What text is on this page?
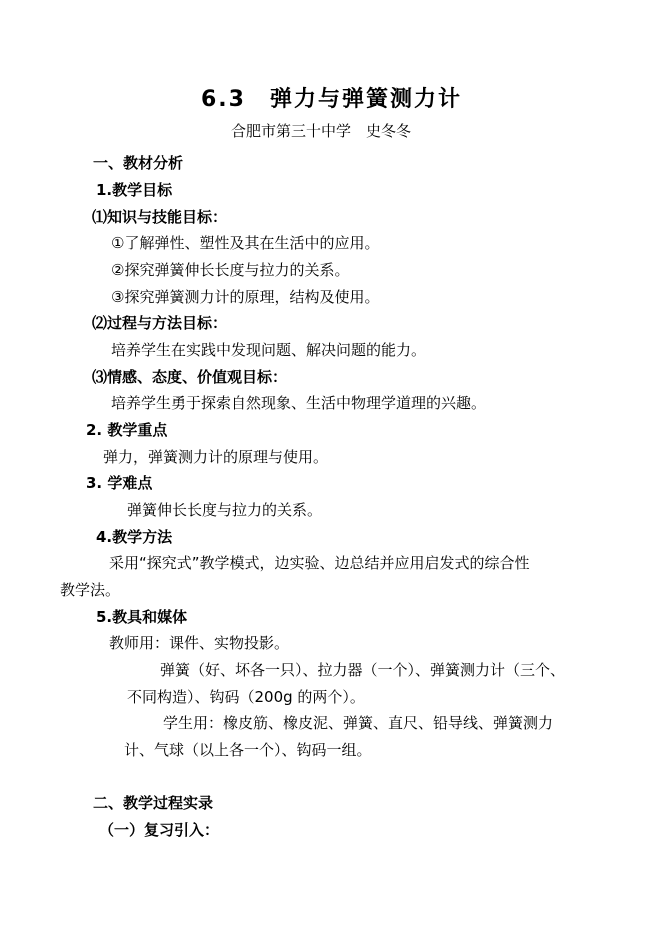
6.3　弹力与弹簧测力计
合肥市第三十中学　史冬冬
一、教材分析
1.教学目标
⑴知识与技能目标：
①了解弹性、塑性及其在生活中的应用。
②探究弹簧伸长长度与拉力的关系。
③探究弹簧测力计的原理，结构及使用。
⑵过程与方法目标：
培养学生在实践中发现问题、解决问题的能力。
⑶情感、态度、价值观目标：
培养学生勇于探索自然现象、生活中物理学道理的兴趣。
2. 教学重点
弹力，弹簧测力计的原理与使用。
3. 学难点
弹簧伸长长度与拉力的关系。
4.教学方法
采用“探究式”教学模式，边实验、边总结并应用启发式的综合性
教学法。
5.教具和媒体
教师用：课件、实物投影。
弹簧（好、坏各一只）、拉力器（一个）、弹簧测力计（三个、
不同构造）、钩码（200g 的两个）。
学生用：橡皮筋、橡皮泥、弹簧、直尺、铅导线、弹簧测力
计、气球（以上各一个）、钩码一组。
二、教学过程实录
（一）复习引入：
